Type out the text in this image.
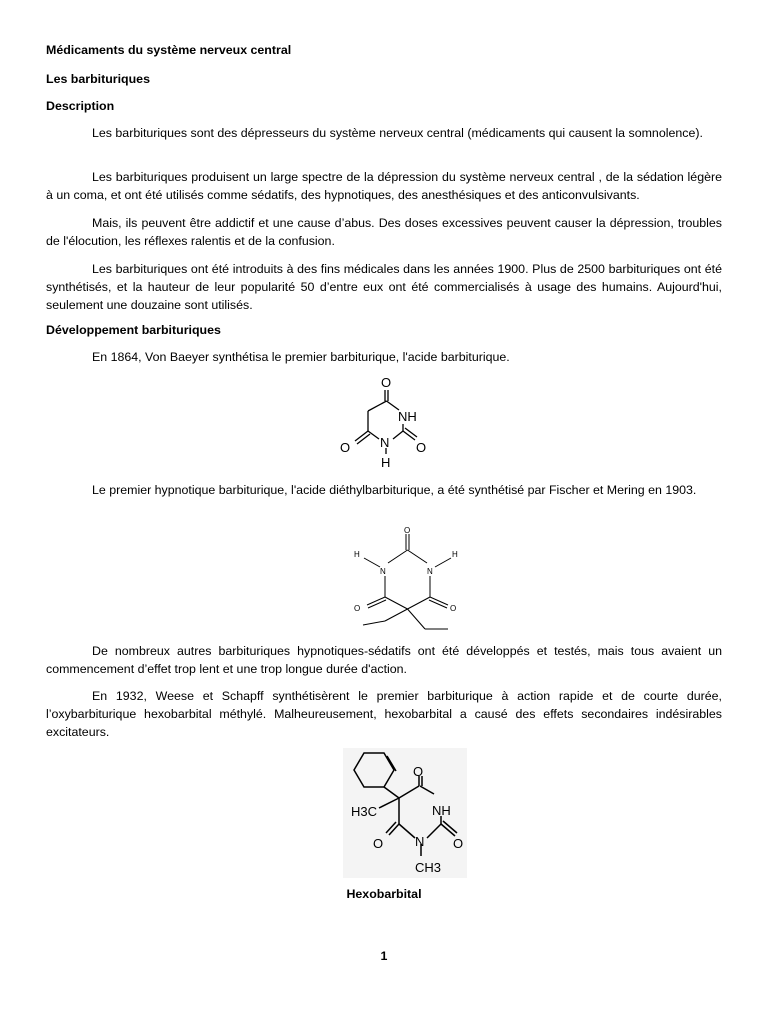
Médicaments du système nerveux central

Les barbituriques

Description

Les barbituriques sont des dépresseurs du système nerveux central (médicaments qui causent la somnolence).

Les barbituriques produisent un large spectre de la dépression du système nerveux central , de la sédation légère à un coma, et ont été utilisés comme sédatifs, des hypnotiques, des anesthésiques et des anticonvulsivants.

Mais, ils peuvent être addictif et une cause d’abus. Des doses excessives peuvent causer la dépression, troubles de l'élocution, les réflexes ralentis et de la confusion.

Les barbituriques ont été introduits à des fins médicales dans les années 1900. Plus de 2500 barbituriques ont été synthétisés, et la hauteur de leur popularité 50 d’entre eux ont été commercialisés à usage des humains. Aujourd'hui, seulement une douzaine sont utilisés.

Développement barbituriques

En 1864, Von Baeyer synthétisa le premier barbiturique, l'acide barbiturique.

O
NH
N
H
O	O

Le premier hypnotique barbiturique, l'acide diéthylbarbiturique, a été synthétisé par Fischer et Mering en 1903.

O
N	N
H	H
O	O

De nombreux autres barbituriques hypnotiques-sédatifs ont été développés et testés, mais tous avaient un commencement d’effet trop lent et une trop longue durée d'action.

En 1932, Weese et Schapff synthétisèrent le premier barbiturique à action rapide et de courte durée, l’oxybarbiturique hexobarbital méthylé. Malheureusement, hexobarbital a causé des effets secondaires indésirables excitateurs.

O
NH
H3C
N
CH3
O	O
Hexobarbital
1
